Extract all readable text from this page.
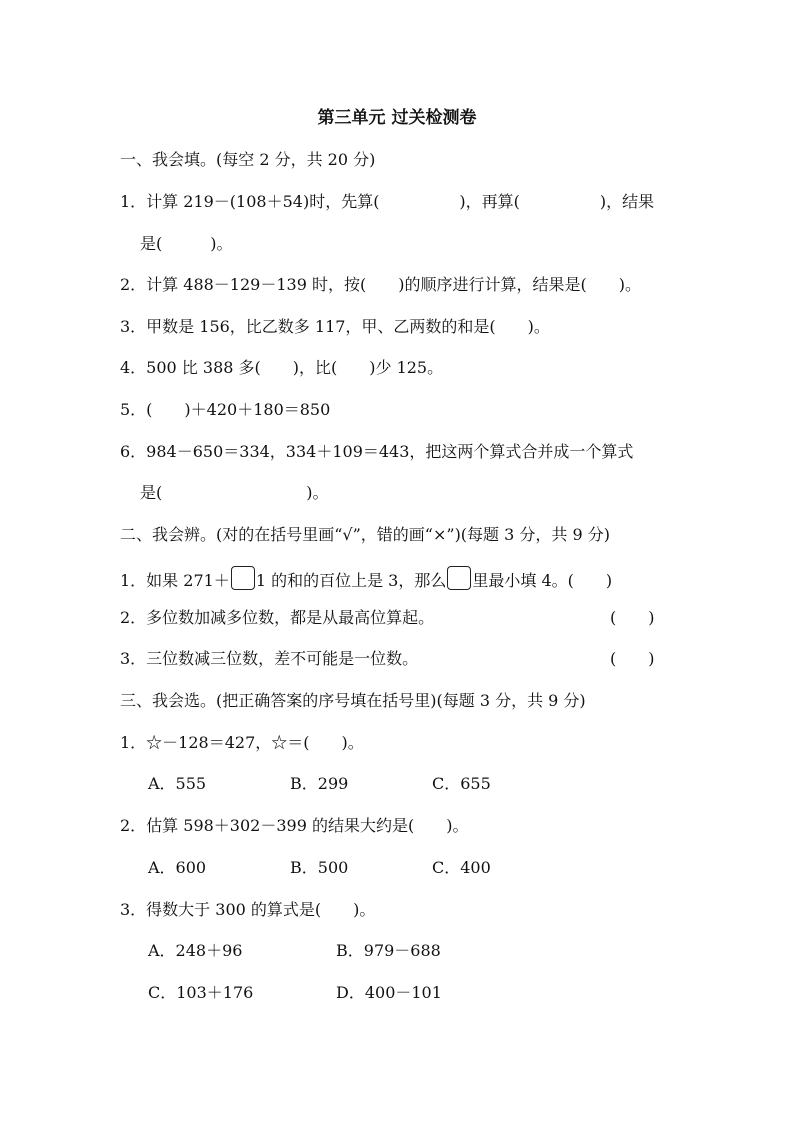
第三单元 过关检测卷
一、我会填。(每空 2 分，共 20 分)
1．计算 219－(108＋54)时，先算(　　　　　)，再算(　　　　　)，结果
是(　　　)。
2．计算 488－129－139 时，按(　　)的顺序进行计算，结果是(　　)。
3．甲数是 156，比乙数多 117，甲、乙两数的和是(　　)。
4．500 比 388 多(　　)，比(　　)少 125。
5．(　　)＋420＋180＝850
6．984－650＝334，334＋109＝443，把这两个算式合并成一个算式
是(　　　　　　　　　)。
二、我会辨。(对的在括号里画“√”，错的画“×”)(每题 3 分，共 9 分)
1．如果 271＋ 1 的和的百位上是 3，那么 里最小填 4。(　　)
2．多位数加减多位数，都是从最高位算起。	(　　)
3．三位数减三位数，差不可能是一位数。	(　　)
三、我会选。(把正确答案的序号填在括号里)(每题 3 分，共 9 分)
1．☆－128＝427，☆＝(　　)。
A．555	B．299	C．655
2．估算 598＋302－399 的结果大约是(　　)。
A．600	B．500	C．400
3．得数大于 300 的算式是(　　)。
A．248＋96	B．979－688
C．103＋176	D．400－101
